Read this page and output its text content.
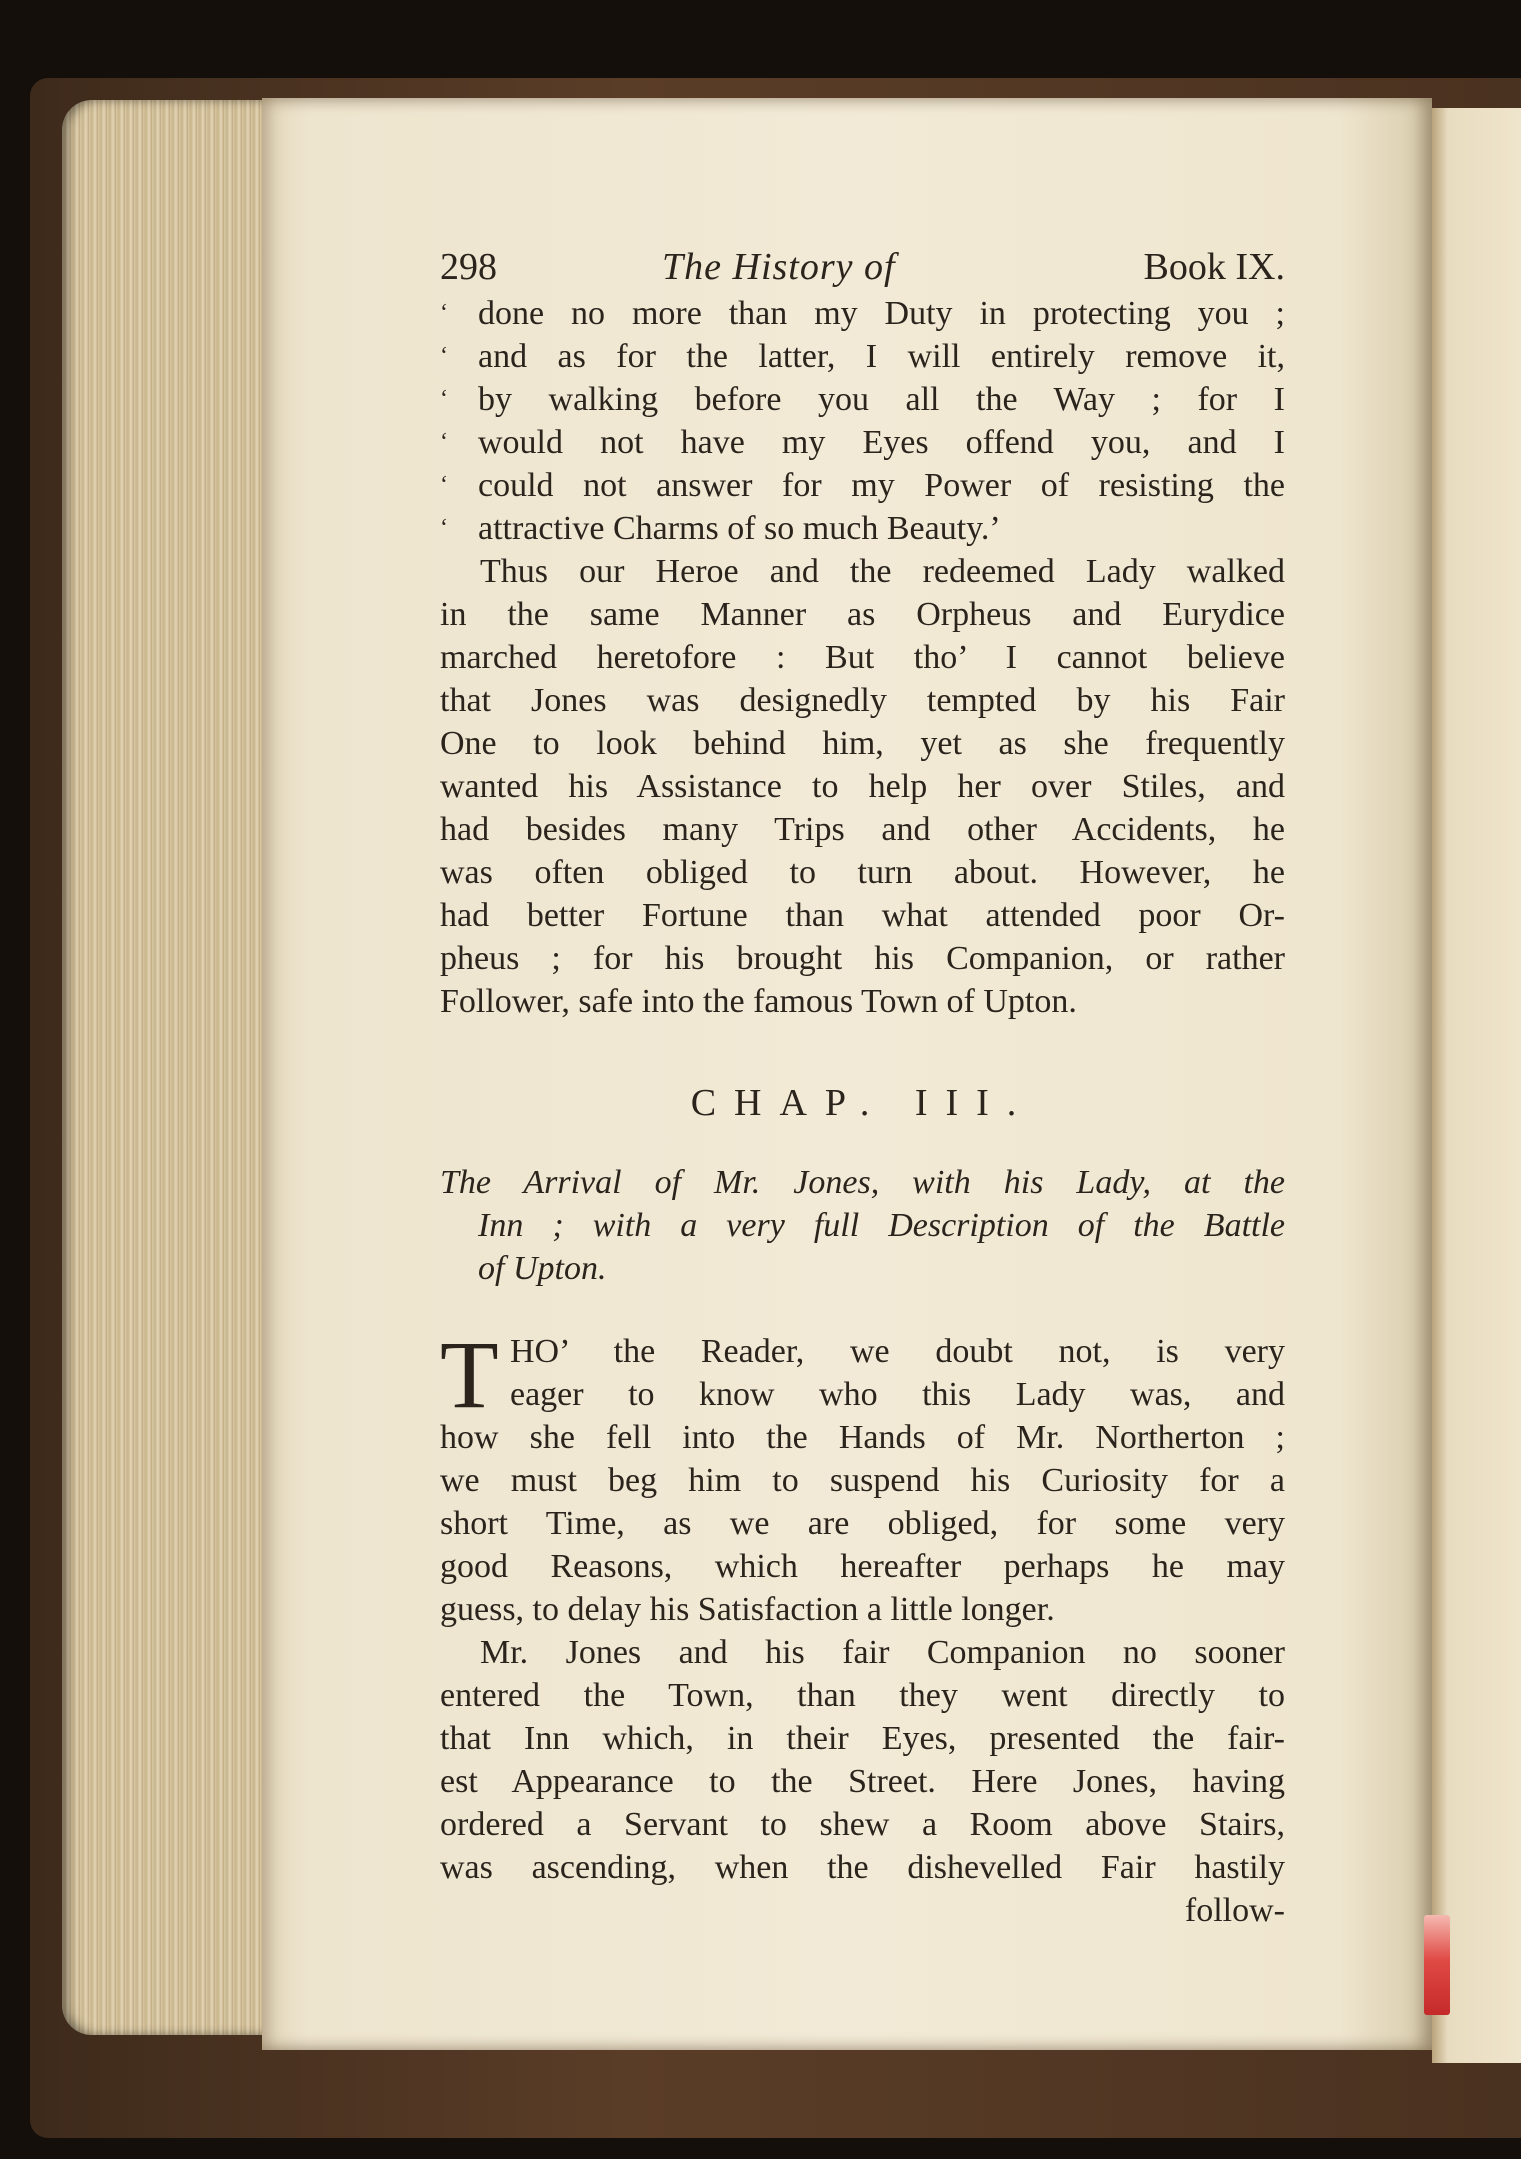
298	The History of	Book IX.
‘ done no more than my Duty in protecting you ;
‘ and as for the latter, I will entirely remove it,
‘ by walking before you all the Way ; for I
‘ would not have my Eyes offend you, and I
‘ could not answer for my Power of resisting the
‘ attractive Charms of so much Beauty.’
Thus our Heroe and the redeemed Lady walked
in the same Manner as Orpheus and Eurydice
marched heretofore : But tho’ I cannot believe
that Jones was designedly tempted by his Fair
One to look behind him, yet as she frequently
wanted his Assistance to help her over Stiles, and
had besides many Trips and other Accidents, he
was often obliged to turn about. However, he
had better Fortune than what attended poor Or-
pheus ; for his brought his Companion, or rather
Follower, safe into the famous Town of Upton.
CHAP. III.
The Arrival of Mr. Jones, with his Lady, at the
Inn ; with a very full Description of the Battle
of Upton.
T HO’ the Reader, we doubt not, is very
eager to know who this Lady was, and
how she fell into the Hands of Mr. Northerton ;
we must beg him to suspend his Curiosity for a
short Time, as we are obliged, for some very
good Reasons, which hereafter perhaps he may
guess, to delay his Satisfaction a little longer.
Mr. Jones and his fair Companion no sooner
entered the Town, than they went directly to
that Inn which, in their Eyes, presented the fair-
est Appearance to the Street. Here Jones, having
ordered a Servant to shew a Room above Stairs,
was ascending, when the dishevelled Fair hastily
follow-
